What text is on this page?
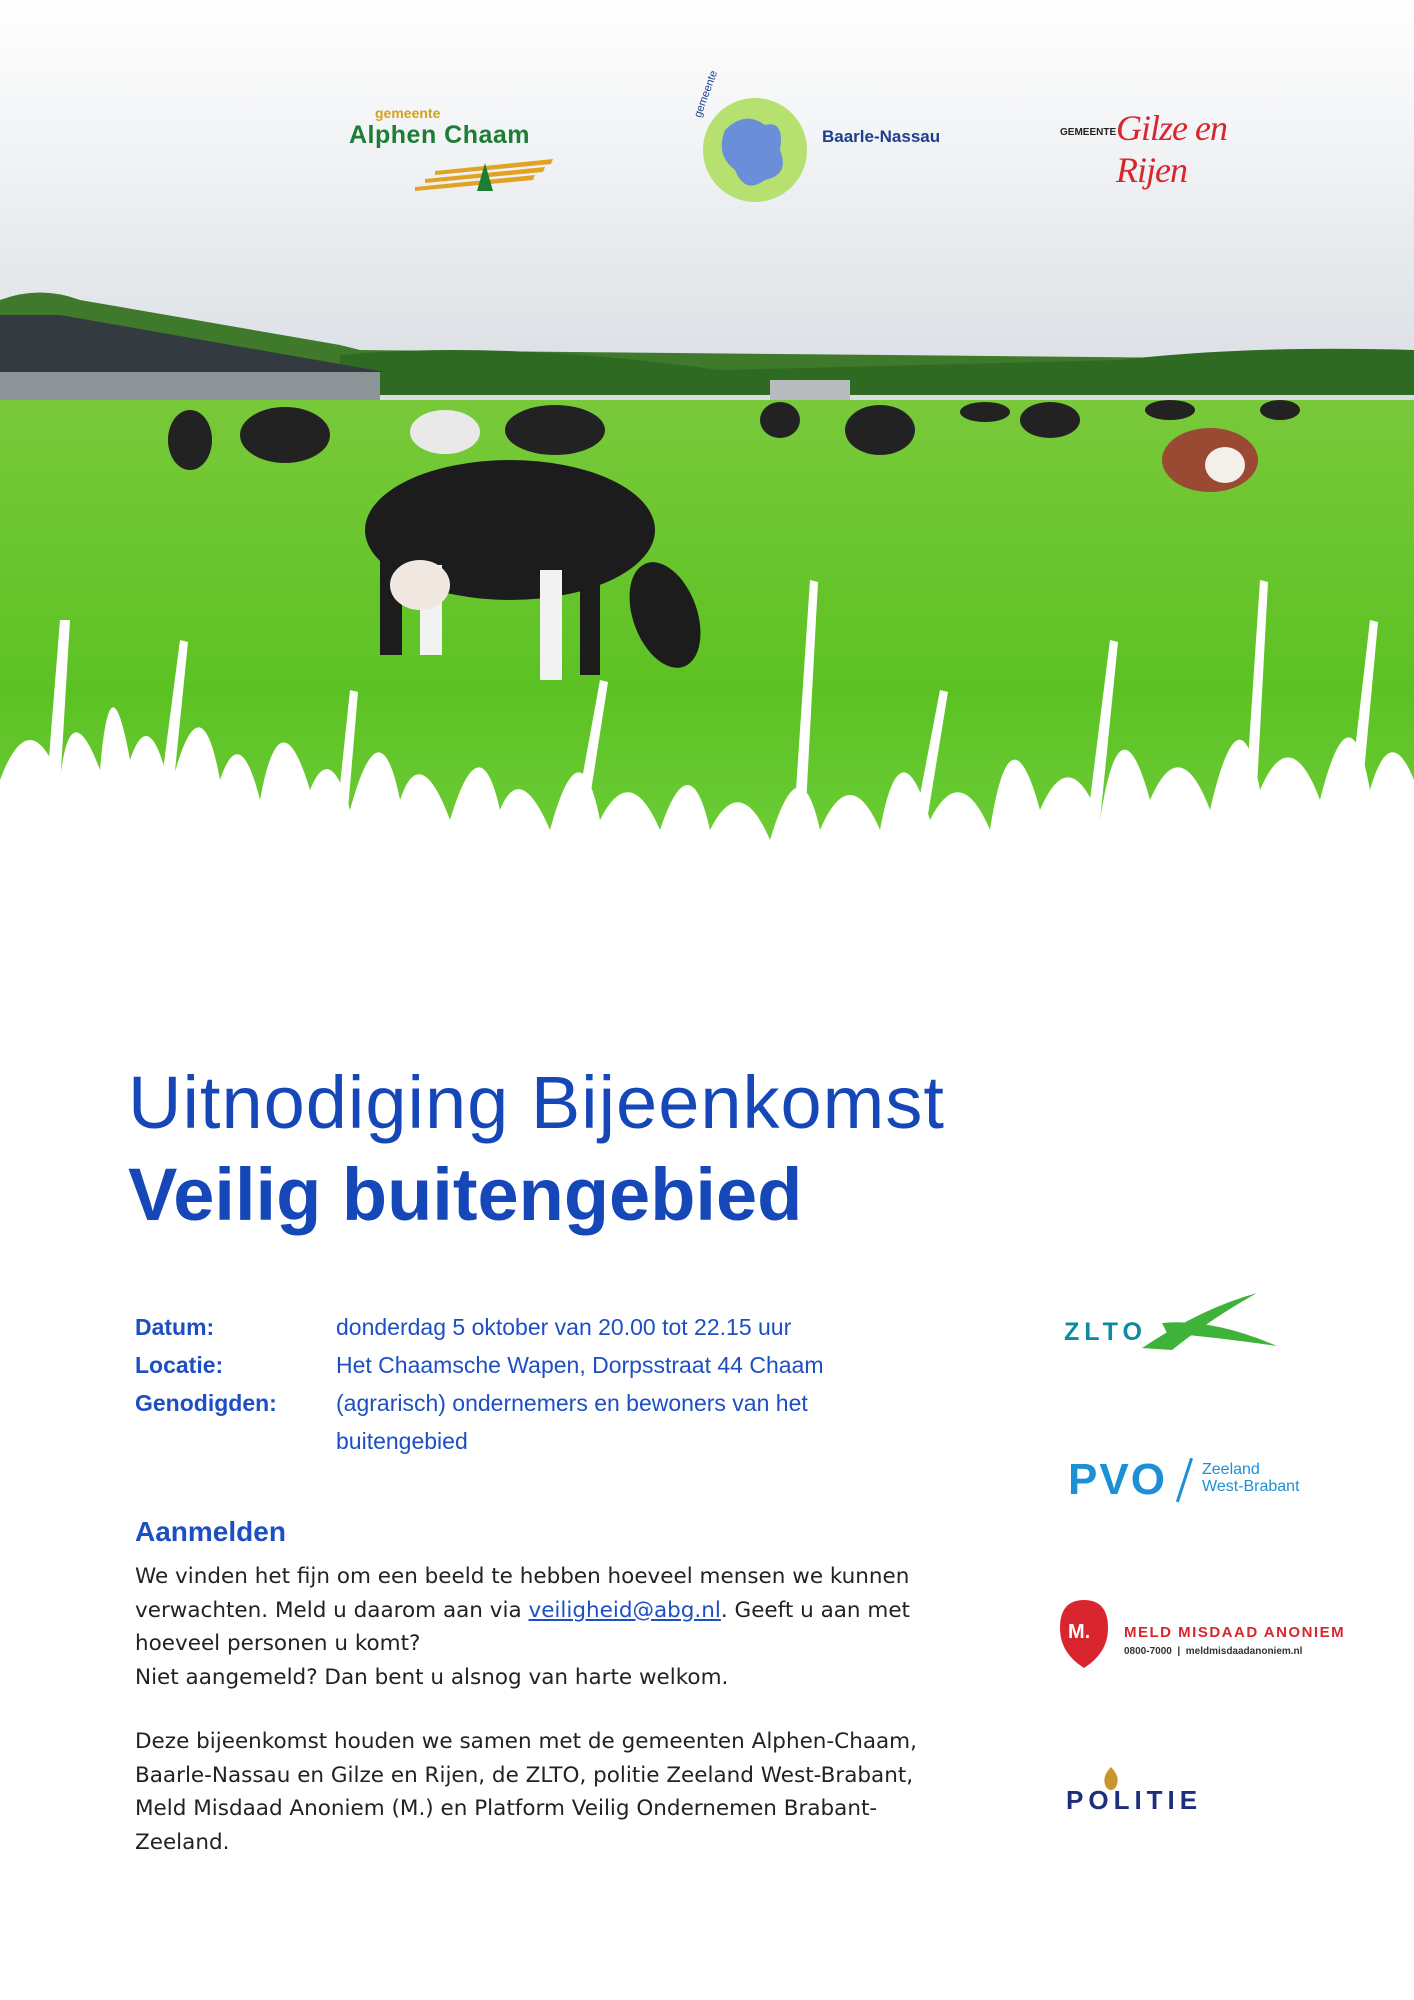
gemeente
Alphen Chaam
gemeente
Baarle-Nassau	GEMEENTE Gilze en Rijen
Uitnodiging Bijeenkomst
Veilig buitengebied
Datum:	donderdag 5 oktober van 20.00 tot 22.15 uur
Locatie:	Het Chaamsche Wapen, Dorpsstraat 44 Chaam
Genodigden:	(agrarisch) ondernemers en bewoners van het
buitengebied
Aanmelden
We vinden het fijn om een beeld te hebben hoeveel mensen we kunnen
verwachten. Meld u daarom aan via veiligheid@abg.nl. Geeft u aan met
hoeveel personen u komt?
Niet aangemeld? Dan bent u alsnog van harte welkom.
Deze bijeenkomst houden we samen met de gemeenten Alphen-Chaam,
Baarle-Nassau en Gilze en Rijen, de ZLTO, politie Zeeland West-Brabant,
Meld Misdaad Anoniem (M.) en Platform Veilig Ondernemen Brabant-
Zeeland.
ZLTO
PVO Zeeland
West-Brabant
M. MELD MISDAAD ANONIEM
0800-7000  |  meldmisdaadanoniem.nl
POLITIE
